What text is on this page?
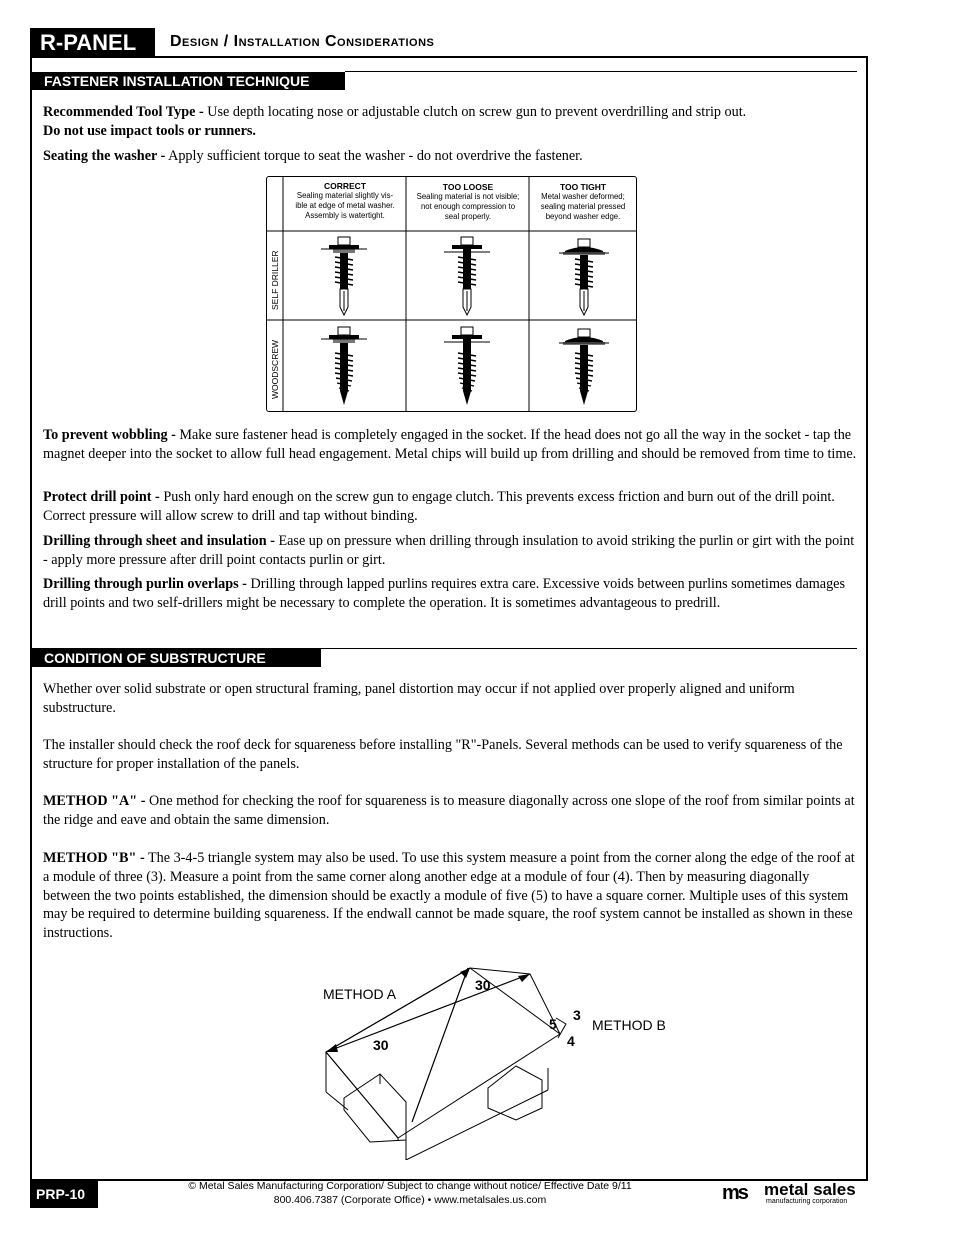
R-PANEL	Design / Installation Considerations
FASTENER INSTALLATION TECHNIQUE
Recommended Tool Type - Use depth locating nose or adjustable clutch on screw gun to prevent overdrilling and strip out.
Do not use impact tools or runners.
Seating the washer - Apply sufficient torque to seat the washer - do not overdrive the fastener.
CORRECT
Sealing material slightly vis-
ible at edge of metal washer.
Assembly is watertight.
TOO LOOSE
Sealing material is not visible;
not enough compression to
seal properly.
TOO TIGHT
Metal washer deformed;
sealing material pressed
beyond washer edge.
SELF DRILLER
WOODSCREW
To prevent wobbling - Make sure fastener head is completely engaged in the socket. If the head does not go all the way in the socket - tap the magnet deeper into the socket to allow full head engagement. Metal chips will build up from drilling and should be removed from time to time.
Protect drill point - Push only hard enough on the screw gun to engage clutch. This prevents excess friction and burn out of the drill point. Correct pressure will allow screw to drill and tap without binding.
Drilling through sheet and insulation - Ease up on pressure when drilling through insulation to avoid striking the purlin or girt with the point - apply more pressure after drill point contacts purlin or girt.
Drilling through purlin overlaps - Drilling through lapped purlins requires extra care. Excessive voids between purlins sometimes damages drill points and two self-drillers might be necessary to complete the operation. It is sometimes advantageous to predrill.
CONDITION OF SUBSTRUCTURE
Whether over solid substrate or open structural framing, panel distortion may occur if not applied over properly aligned and uniform substructure.
The installer should check the roof deck for squareness before installing "R"-Panels. Several methods can be used to verify squareness of the structure for proper installation of the panels.
METHOD "A" - One method for checking the roof for squareness is to measure diagonally across one slope of the roof from similar points at the ridge and eave and obtain the same dimension.
METHOD "B" - The 3-4-5 triangle system may also be used. To use this system measure a point from the corner along the edge of the roof at a module of three (3). Measure a point from the same corner along another edge at a module of four (4). Then by measuring diagonally between the two points established, the dimension should be exactly a module of five (5) to have a square corner. Multiple uses of this system may be required to determine building squareness. If the endwall cannot be made square, the roof system cannot be installed as shown in these instructions.
METHOD A
METHOD B
30
30
3
4
5
PRP-10	© Metal Sales Manufacturing Corporation/ Subject to change without notice/ Effective Date 9/11
800.406.7387 (Corporate Office) • www.metalsales.us.com	ms metal sales
manufacturing corporation
